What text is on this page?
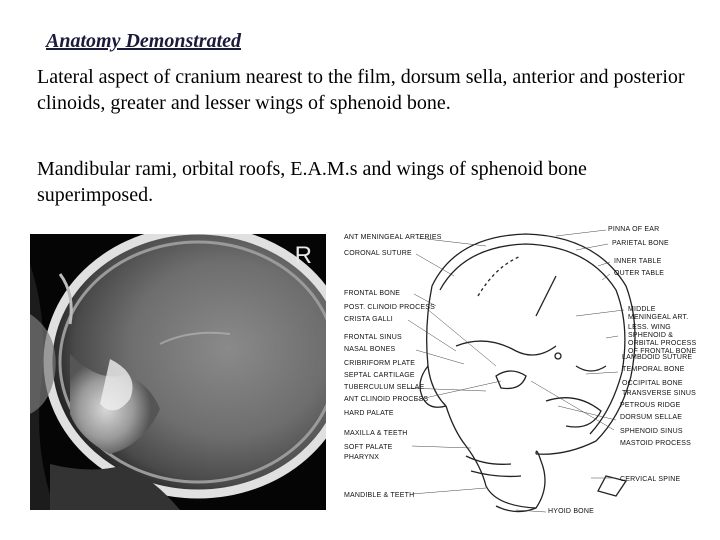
Anatomy Demonstrated
Lateral aspect of cranium nearest to the film, dorsum sella, anterior and posterior clinoids, greater and lesser wings of sphenoid bone.
Mandibular rami, orbital roofs, E.A.M.s and wings of sphenoid bone superimposed.
R
ANT MENINGEAL ARTERIES
CORONAL SUTURE
FRONTAL BONE
POST. CLINOID PROCESS
CRISTA GALLI
FRONTAL SINUS
NASAL BONES
CRIBRIFORM PLATE
SEPTAL CARTILAGE
TUBERCULUM SELLAE
ANT CLINOID PROCESS
HARD PALATE
MAXILLA & TEETH
SOFT PALATE
PHARYNX
MANDIBLE & TEETH
PINNA OF EAR
PARIETAL BONE
INNER TABLE
OUTER TABLE
MIDDLE MENINGEAL ART.
LESS. WING SPHENOID & ORBITAL PROCESS OF FRONTAL BONE
LAMBDOID SUTURE
TEMPORAL BONE
OCCIPITAL BONE
TRANSVERSE SINUS
PETROUS RIDGE
DORSUM SELLAE
SPHENOID SINUS
MASTOID PROCESS
CERVICAL SPINE
HYOID BONE
